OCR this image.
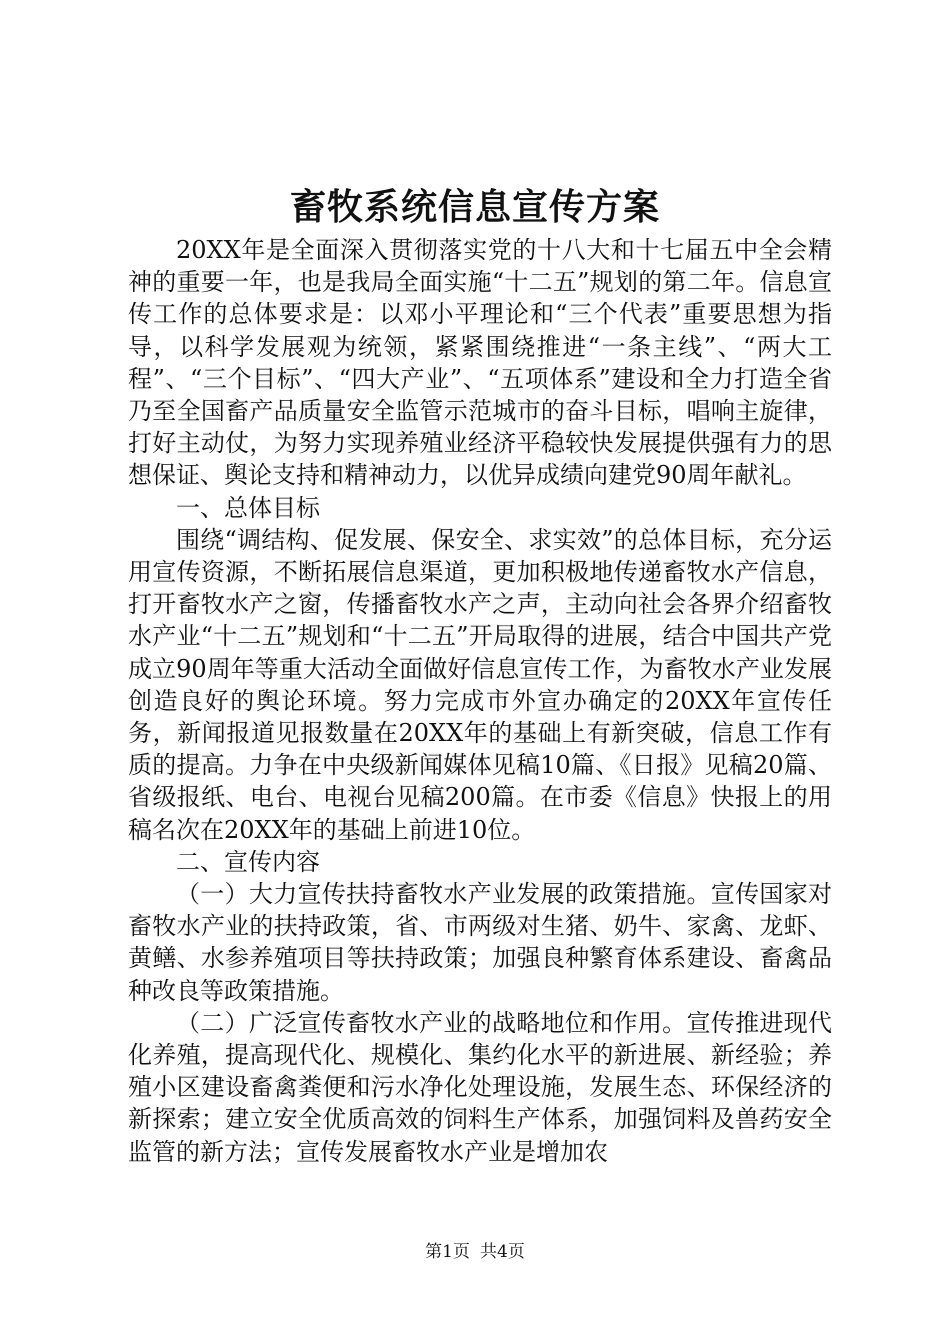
畜牧系统信息宣传方案

20XX年是全面深入贯彻落实党的十八大和十七届五中全会精神的重要一年，也是我局全面实施“十二五”规划的第二年。信息宣传工作的总体要求是：以邓小平理论和“三个代表”重要思想为指导，以科学发展观为统领，紧紧围绕推进“一条主线”、“两大工程”、“三个目标”、“四大产业”、“五项体系”建设和全力打造全省乃至全国畜产品质量安全监管示范城市的奋斗目标，唱响主旋律，打好主动仗，为努力实现养殖业经济平稳较快发展提供强有力的思想保证、舆论支持和精神动力，以优异成绩向建党90周年献礼。

一、总体目标

围绕“调结构、促发展、保安全、求实效”的总体目标，充分运用宣传资源，不断拓展信息渠道，更加积极地传递畜牧水产信息，打开畜牧水产之窗，传播畜牧水产之声，主动向社会各界介绍畜牧水产业“十二五”规划和“十二五”开局取得的进展，结合中国共产党成立90周年等重大活动全面做好信息宣传工作，为畜牧水产业发展创造良好的舆论环境。努力完成市外宣办确定的20XX年宣传任务，新闻报道见报数量在20XX年的基础上有新突破，信息工作有质的提高。力争在中央级新闻媒体见稿10篇、《日报》见稿20篇、省级报纸、电台、电视台见稿200篇。在市委《信息》快报上的用稿名次在20XX年的基础上前进10位。

二、宣传内容

（一）大力宣传扶持畜牧水产业发展的政策措施。宣传国家对畜牧水产业的扶持政策，省、市两级对生猪、奶牛、家禽、龙虾、黄鳝、水参养殖项目等扶持政策；加强良种繁育体系建设、畜禽品种改良等政策措施。

（二）广泛宣传畜牧水产业的战略地位和作用。宣传推进现代化养殖，提高现代化、规模化、集约化水平的新进展、新经验；养殖小区建设畜禽粪便和污水净化处理设施，发展生态、环保经济的新探索；建立安全优质高效的饲料生产体系，加强饲料及兽药安全监管的新方法；宣传发展畜牧水产业是增加农

第1页 共4页
